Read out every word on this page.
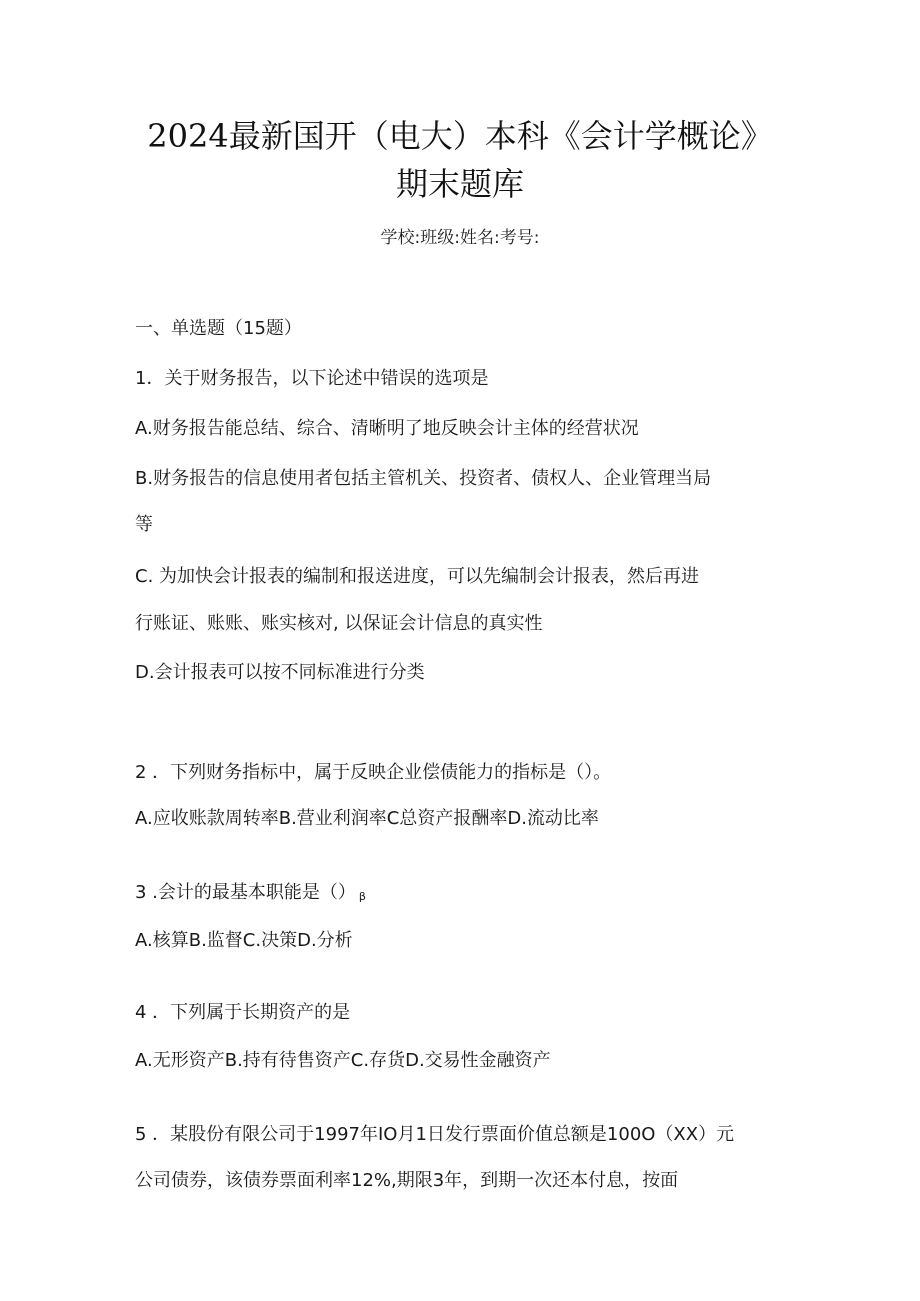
2024最新国开（电大）本科《会计学概论》
期末题库
学校:班级:姓名:考号:
一、单选题（15题）
1．关于财务报告，以下论述中错误的选项是
A.财务报告能总结、综合、清晰明了地反映会计主体的经营状况
B.财务报告的信息使用者包括主管机关、投资者、债权人、企业管理当局
等
C. 为加快会计报表的编制和报送进度，可以先编制会计报表，然后再进
行账证、账账、账实核对, 以保证会计信息的真实性
D.会计报表可以按不同标准进行分类
2 ．下列财务指标中，属于反映企业偿债能力的指标是（）。
A.应收账款周转率B.营业利润率C总资产报酬率D.流动比率
3 .会计的最基本职能是（） β
A.核算B.监督C.决策D.分析
4 ．下列属于长期资产的是
A.无形资产B.持有待售资产C.存货D.交易性金融资产
5 ．某股份有限公司于1997年IO月1日发行票面价值总额是100O（XX）元
公司债券，该债券票面利率12%,期限3年，到期一次还本付息，按面
